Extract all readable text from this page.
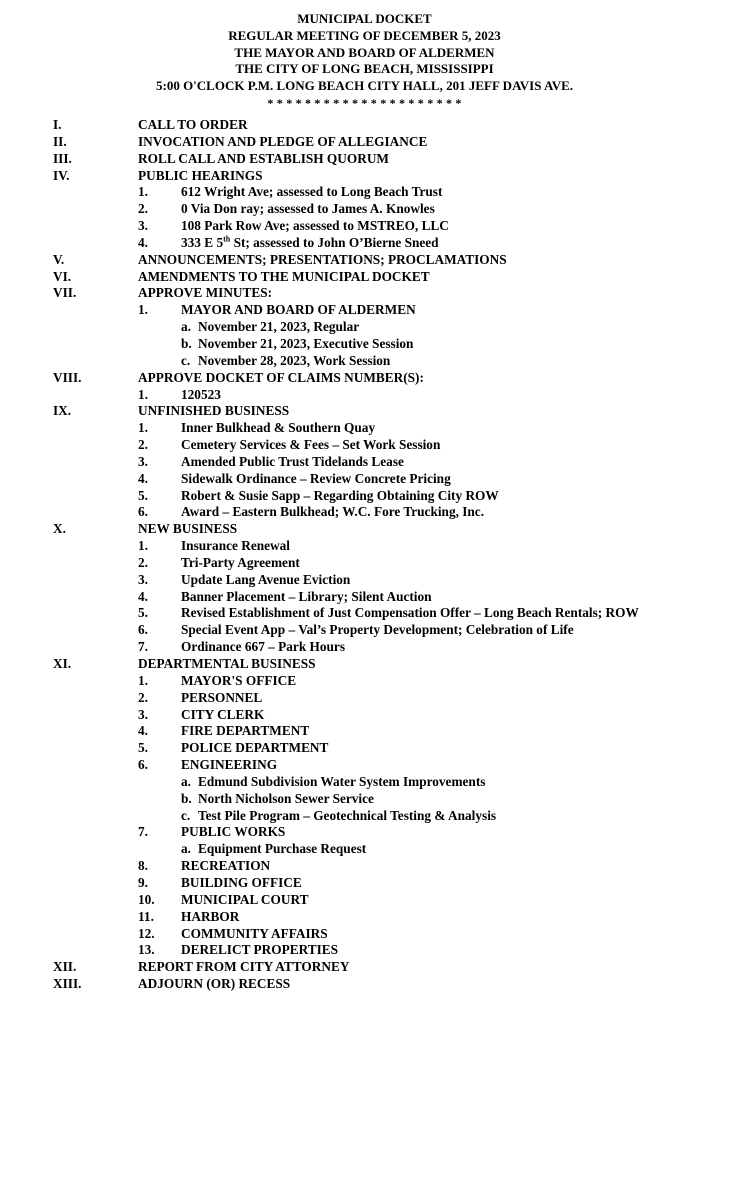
MUNICIPAL DOCKET
REGULAR MEETING OF DECEMBER 5, 2023
THE MAYOR AND BOARD OF ALDERMEN
THE CITY OF LONG BEACH, MISSISSIPPI
5:00 O'CLOCK P.M. LONG BEACH CITY HALL, 201 JEFF DAVIS AVE.
* * * * * * * * * * * * * * * * * * * * *
I.	CALL TO ORDER
II.	INVOCATION AND PLEDGE OF ALLEGIANCE
III.	ROLL CALL AND ESTABLISH QUORUM
IV.	PUBLIC HEARINGS
1. 612 Wright Ave; assessed to Long Beach Trust
2. 0 Via Don ray; assessed to James A. Knowles
3. 108 Park Row Ave; assessed to MSTREO, LLC
4. 333 E 5th St; assessed to John O’Bierne Sneed
V.	ANNOUNCEMENTS; PRESENTATIONS; PROCLAMATIONS
VI.	AMENDMENTS TO THE MUNICIPAL DOCKET
VII.	APPROVE MINUTES:
1. MAYOR AND BOARD OF ALDERMEN
a. November 21, 2023, Regular
b. November 21, 2023, Executive Session
c. November 28, 2023, Work Session
VIII.	APPROVE DOCKET OF CLAIMS NUMBER(S):
1. 120523
IX.	UNFINISHED BUSINESS
1. Inner Bulkhead & Southern Quay
2. Cemetery Services & Fees – Set Work Session
3. Amended Public Trust Tidelands Lease
4. Sidewalk Ordinance – Review Concrete Pricing
5. Robert & Susie Sapp – Regarding Obtaining City ROW
6. Award – Eastern Bulkhead; W.C. Fore Trucking, Inc.
X.	NEW BUSINESS
1. Insurance Renewal
2. Tri-Party Agreement
3. Update Lang Avenue Eviction
4. Banner Placement – Library; Silent Auction
5. Revised Establishment of Just Compensation Offer – Long Beach Rentals; ROW
6. Special Event App – Val’s Property Development; Celebration of Life
7. Ordinance 667 – Park Hours
XI.	DEPARTMENTAL BUSINESS
1. MAYOR'S OFFICE
2. PERSONNEL
3. CITY CLERK
4. FIRE DEPARTMENT
5. POLICE DEPARTMENT
6. ENGINEERING
a. Edmund Subdivision Water System Improvements
b. North Nicholson Sewer Service
c. Test Pile Program – Geotechnical Testing & Analysis
7. PUBLIC WORKS
a. Equipment Purchase Request
8. RECREATION
9. BUILDING OFFICE
10. MUNICIPAL COURT
11. HARBOR
12. COMMUNITY AFFAIRS
13. DERELICT PROPERTIES
XII.	REPORT FROM CITY ATTORNEY
XIII.	ADJOURN (OR) RECESS
